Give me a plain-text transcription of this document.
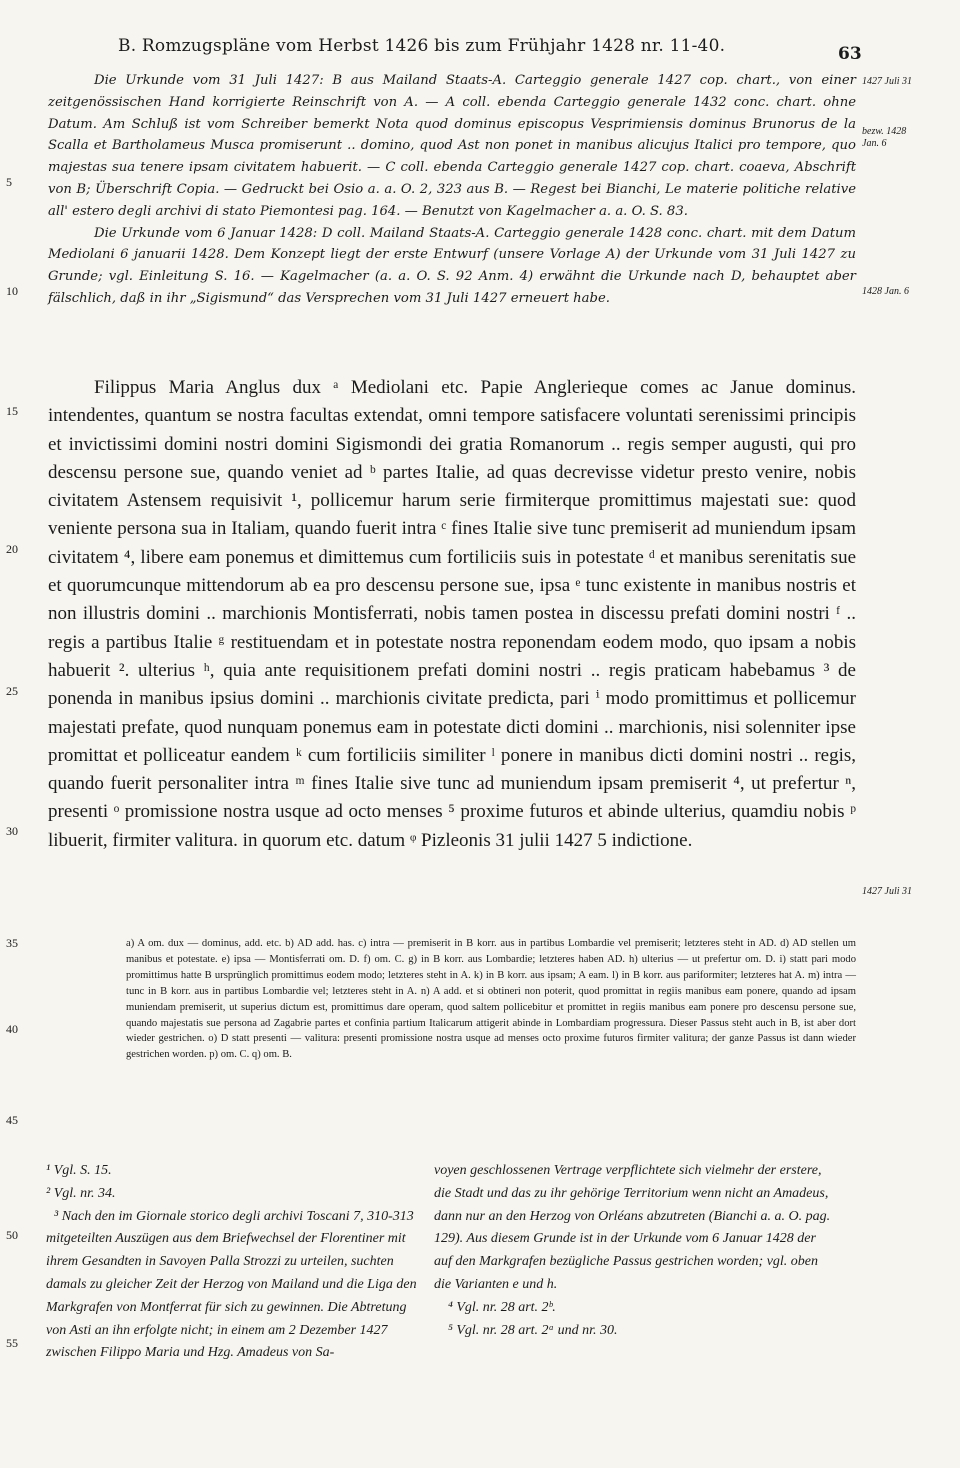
B. Romzugspläne vom Herbst 1426 bis zum Frühjahr 1428 nr. 11-40.	63

Die Urkunde vom 31 Juli 1427: B aus Mailand Staats-A. Carteggio generale 1427 cop. chart., von einer zeitgenössischen Hand korrigierte Reinschrift von A. — A coll. ebenda Carteggio generale 1432 conc. chart. ohne Datum. Am Schluß ist vom Schreiber bemerkt Nota quod dominus episcopus Vesprimiensis dominus Brunorus de la Scalla et Bartholameus Musca promiserunt .. domino, quod Ast non ponet in manibus alicujus Italici pro tempore, quo majestas sua tenere ipsam civitatem habuerit. — C coll. ebenda Carteggio generale 1427 cop. chart. coaeva, Abschrift von B; Überschrift Copia. — Gedruckt bei Osio a. a. O. 2, 323 aus B. — Regest bei Bianchi, Le materie politiche relative all' estero degli archivi di stato Piemontesi pag. 164. — Benutzt von Kagelmacher a. a. O. S. 83.

Die Urkunde vom 6 Januar 1428: D coll. Mailand Staats-A. Carteggio generale 1428 conc. chart. mit dem Datum Mediolani 6 januarii 1428. Dem Konzept liegt der erste Entwurf (unsere Vorlage A) der Urkunde vom 31 Juli 1427 zu Grunde; vgl. Einleitung S. 16. — Kagelmacher (a. a. O. S. 92 Anm. 4) erwähnt die Urkunde nach D, behauptet aber fälschlich, daß in ihr „Sigismund“ das Versprechen vom 31 Juli 1427 erneuert habe.

Filippus Maria Anglus dux ᵃ Mediolani etc. Papie Anglerieque comes ac Janue dominus. intendentes, quantum se nostra facultas extendat, omni tempore satisfacere voluntati serenissimi principis et invictissimi domini nostri domini Sigismondi dei gratia Romanorum .. regis semper augusti, qui pro descensu persone sue, quando veniet ad ᵇ partes Italie, ad quas decrevisse videtur presto venire, nobis civitatem Astensem requisivit ¹, pollicemur harum serie firmiterque promittimus majestati sue: quod veniente persona sua in Italiam, quando fuerit intra ᶜ fines Italie sive tunc premiserit ad muniendum ipsam civitatem ⁴, libere eam ponemus et dimittemus cum fortiliciis suis in potestate ᵈ et manibus serenitatis sue et quorumcunque mittendorum ab ea pro descensu persone sue, ipsa ᵉ tunc existente in manibus nostris et non illustris domini .. marchionis Montisferrati, nobis tamen postea in discessu prefati domini nostri ᶠ .. regis a partibus Italie ᵍ restituendam et in potestate nostra reponendam eodem modo, quo ipsam a nobis habuerit ². ulterius ʰ, quia ante requisitionem prefati domini nostri .. regis praticam habebamus ³ de ponenda in manibus ipsius domini .. marchionis civitate predicta, pari ⁱ modo promittimus et pollicemur majestati prefate, quod nunquam ponemus eam in potestate dicti domini .. marchionis, nisi solenniter ipse promittat et polliceatur eandem ᵏ cum fortiliciis similiter ˡ ponere in manibus dicti domini nostri .. regis, quando fuerit personaliter intra ᵐ fines Italie sive tunc ad muniendum ipsam premiserit ⁴, ut prefertur ⁿ, presenti ᵒ promissione nostra usque ad octo menses ⁵ proxime futuros et abinde ulterius, quamdiu nobis ᵖ libuerit, firmiter valitura. in quorum etc. datum ᵠ Pizleonis 31 julii 1427 5 indictione.

a) A om. dux — dominus, add. etc. b) AD add. has. c) intra — premiserit in B korr. aus in partibus Lombardie vel premiserit; letzteres steht in AD. d) AD stellen um manibus et potestate. e) ipsa — Montisferrati om. D. f) om. C. g) in B korr. aus Lombardie; letzteres haben AD. h) ulterius — ut prefertur om. D. i) statt pari modo promittimus hatte B ursprünglich promittimus eodem modo; letzteres steht in A. k) in B korr. aus ipsam; A eam. l) in B korr. aus pariformiter; letzteres hat A. m) intra — tunc in B korr. aus in partibus Lombardie vel; letzteres steht in A. n) A add. et si obtineri non poterit, quod promittat in regiis manibus eam ponere, quando ad ipsam muniendam premiserit, ut superius dictum est, promittimus dare operam, quod saltem pollicebitur et promittet in regiis manibus eam ponere pro descensu persone sue, quando majestatis sue persona ad Zagabrie partes et confinia partium Italicarum attigerit abinde in Lombardiam progressura. Dieser Passus steht auch in B, ist aber dort wieder gestrichen. o) D statt presenti — valitura: presenti promissione nostra usque ad menses octo proxime futuros firmiter valitura; der ganze Passus ist dann wieder gestrichen worden. p) om. C. q) om. B.

¹ Vgl. S. 15.

² Vgl. nr. 34.

³ Nach den im Giornale storico degli archivi Toscani 7, 310-313 mitgeteilten Auszügen aus dem Briefwechsel der Florentiner mit ihrem Gesandten in Savoyen Palla Strozzi zu urteilen, suchten damals zu gleicher Zeit der Herzog von Mailand und die Liga den Markgrafen von Montferrat für sich zu gewinnen. Die Abtretung von Asti an ihn erfolgte nicht; in einem am 2 Dezember 1427 zwischen Filippo Maria und Hzg. Amadeus von Sa-

voyen geschlossenen Vertrage verpflichtete sich vielmehr der erstere, die Stadt und das zu ihr gehörige Territorium wenn nicht an Amadeus, dann nur an den Herzog von Orléans abzutreten (Bianchi a. a. O. pag. 129). Aus diesem Grunde ist in der Urkunde vom 6 Januar 1428 der auf den Markgrafen bezügliche Passus gestrichen worden; vgl. oben die Varianten e und h.

⁴ Vgl. nr. 28 art. 2ᵇ.

⁵ Vgl. nr. 28 art. 2ᵃ und nr. 30.

5
10
15
20
25
30
35
40
45
50
55
1427 Juli 31
bezw. 1428 Jan. 6
1428 Jan. 6
1427 Juli 31
